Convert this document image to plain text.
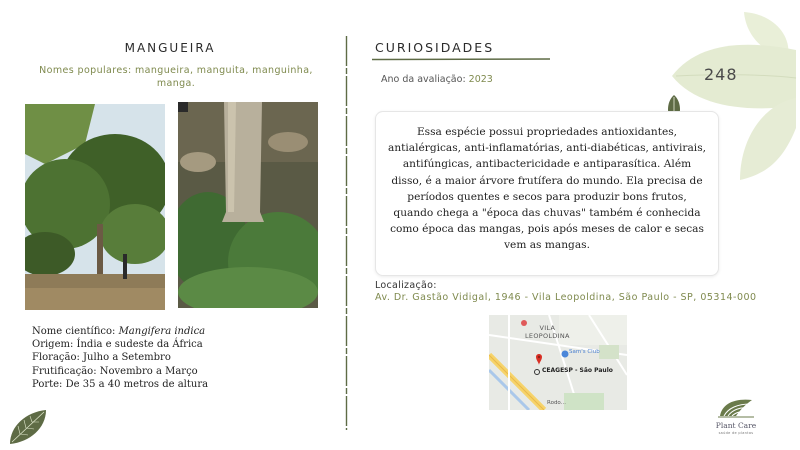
248
MANGUEIRA
Nomes populares: mangueira, manguita, manguinha, manga.
Nome científico: Mangifera indica
Origem: Índia e sudeste da África
Floração: Julho a Setembro
Frutificação: Novembro a Março
Porte: De 35 a 40 metros de altura
CURIOSIDADES
Ano da avaliação: 2023
Essa espécie possui propriedades antioxidantes, antialérgicas, anti-inflamatórias, anti-diabéticas, antivirais, antifúngicas, antibactericidade e antiparasítica. Além disso, é a maior árvore frutífera do mundo. Ela precisa de períodos quentes e secos para produzir bons frutos, quando chega a "época das chuvas" também é conhecida como época das mangas, pois após meses de calor e secas vem as mangas.
Localização:
Av. Dr. Gastão Vidigal, 1946 - Vila Leopoldina, São Paulo - SP, 05314-000
VILA
LEOPOLDINA
Sam's Club
CEAGESP - São Paulo
Rodo...
Plant Care
saúde de plantas
